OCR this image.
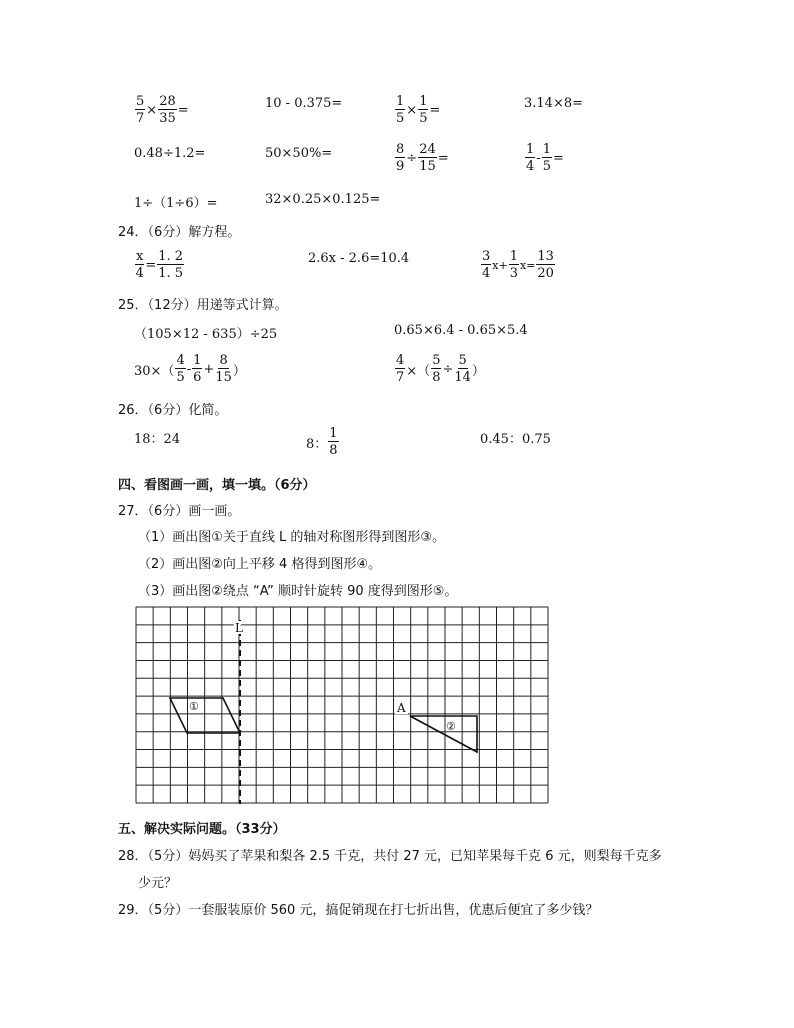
$\frac{5}{7} \times \frac{28}{35}$ =	10 - 0.375=	$\frac{1}{5} \times \frac{1}{5}$ =	3.14×8=
0.48÷1.2=	50×50%=	$\frac{8}{9} \div \frac{24}{15}$ =	$\frac{1}{4} - \frac{1}{5}$ =
1÷（1÷6）=	32×0.25×0.125=
24．（6分）解方程。
$\frac{x}{4} = \frac{1. 2}{1. 5}$	2.6x - 2.6=10.4	$\frac{3}{4} x+ \frac{1}{3} x= \frac{13}{20}$
25．（12分）用递等式计算。
（105×12 - 635）÷25	0.65×6.4 - 0.65×5.4
$30\times( \frac{4}{5} - \frac{1}{6} + \frac{8}{15}$ ）	$\frac{4}{7}$ ×（ $\frac{5}{8} \div \frac{5}{14}$ ）
26．（6分）化简。
18：24	8： $\frac{1}{8}$	0.45：0.75
四、看图画一画，填一填。（6分）
27．（6分）画一画。
（1）画出图①关于直线 L 的轴对称图形得到图形③。
（2）画出图②向上平移 4 格得到图形④。
（3）画出图②绕点 “A” 顺时针旋转 90 度得到图形⑤。
L
①
②
A
五、解决实际问题。（33分）
28．（5分）妈妈买了苹果和梨各 2.5 千克，共付 27 元，已知苹果每千克 6 元，则梨每千克多
少元？
29．（5分）一套服装原价 560 元，搞促销现在打七折出售，优惠后便宜了多少钱？
